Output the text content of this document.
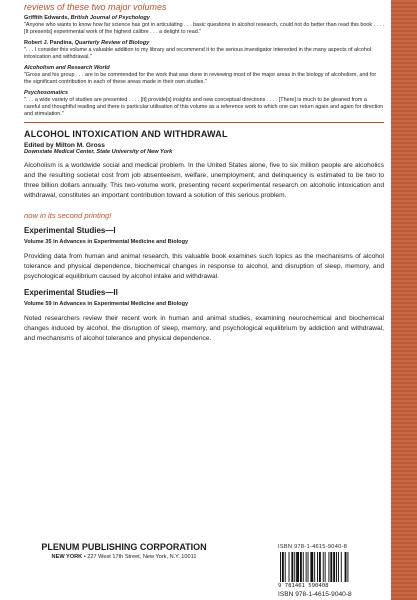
reviews of these two major volumes

Griffith Edwards, British Journal of Psychology
"Anyone who wants to know how far science has got in articulating . . . basic questions in alcohol research, could not do better than read this book . . . . [It presents] experimental work of the highest calibre . . . a delight to read."
Robert J. Pandina, Quarterly Review of Biology
". . . I consider this volume a valuable addition to my library and recommend it to the serious investigator interested in the many aspects of alcohol intoxication and withdrawal."
Alcoholism and Research World
"Gross and his group . . . are to be commended for the work that was done in reviewing most of the major areas in the biology of alcoholism, and for the significant contribution in each of these areas made in their own studies."
Psychosomatics
". . . a wide variety of studies are presented . . . . [It] provide[s] insights and new conceptual directions . . . . [There] is much to be gleaned from a careful and thoughtful reading and there is particular utilisation of this volume as a reference work to which one can return again and again for direction and stimulation."

ALCOHOL INTOXICATION AND WITHDRAWAL

Edited by Milton M. Gross

Downstate Medical Center, State University of New York

Alcoholism is a worldwide social and medical problem. In the United States alone, five to six million people are alcoholics and the resulting societal cost from job absenteeism, welfare, unemployment, and delinquency is estimated to be two to three billion dollars annually. This two-volume work, presenting recent experimental research on alcoholic intoxication and withdrawal, constitutes an important contribution toward a solution of this serious problem.

now in its second printing!

Experimental Studies—I

Volume 35 in Advances in Experimental Medicine and Biology

Providing data from human and animal research, this valuable book examines such topics as the mechanisms of alcohol tolerance and physical dependence, biochemical changes in response to alcohol, and disruption of sleep, memory, and psychological equilibrium caused by alcohol intake and withdrawal.

Experimental Studies—II

Volume 59 in Advances in Experimental Medicine and Biology

Noted researchers review their recent work in human and animal studies, examining neurochemical and biochemical changes induced by alcohol, the disruption of sleep, memory, and psychological equilibrium by addiction and withdrawal, and mechanisms of alcohol tolerance and physical dependence.

PLENUM PUBLISHING CORPORATION
NEW YORK • 227 West 17th Street, New York, N.Y. 10011
ISBN 978-1-4615-9040-8
9 781461 590408
ISBN 978-1-4615-9040-8
